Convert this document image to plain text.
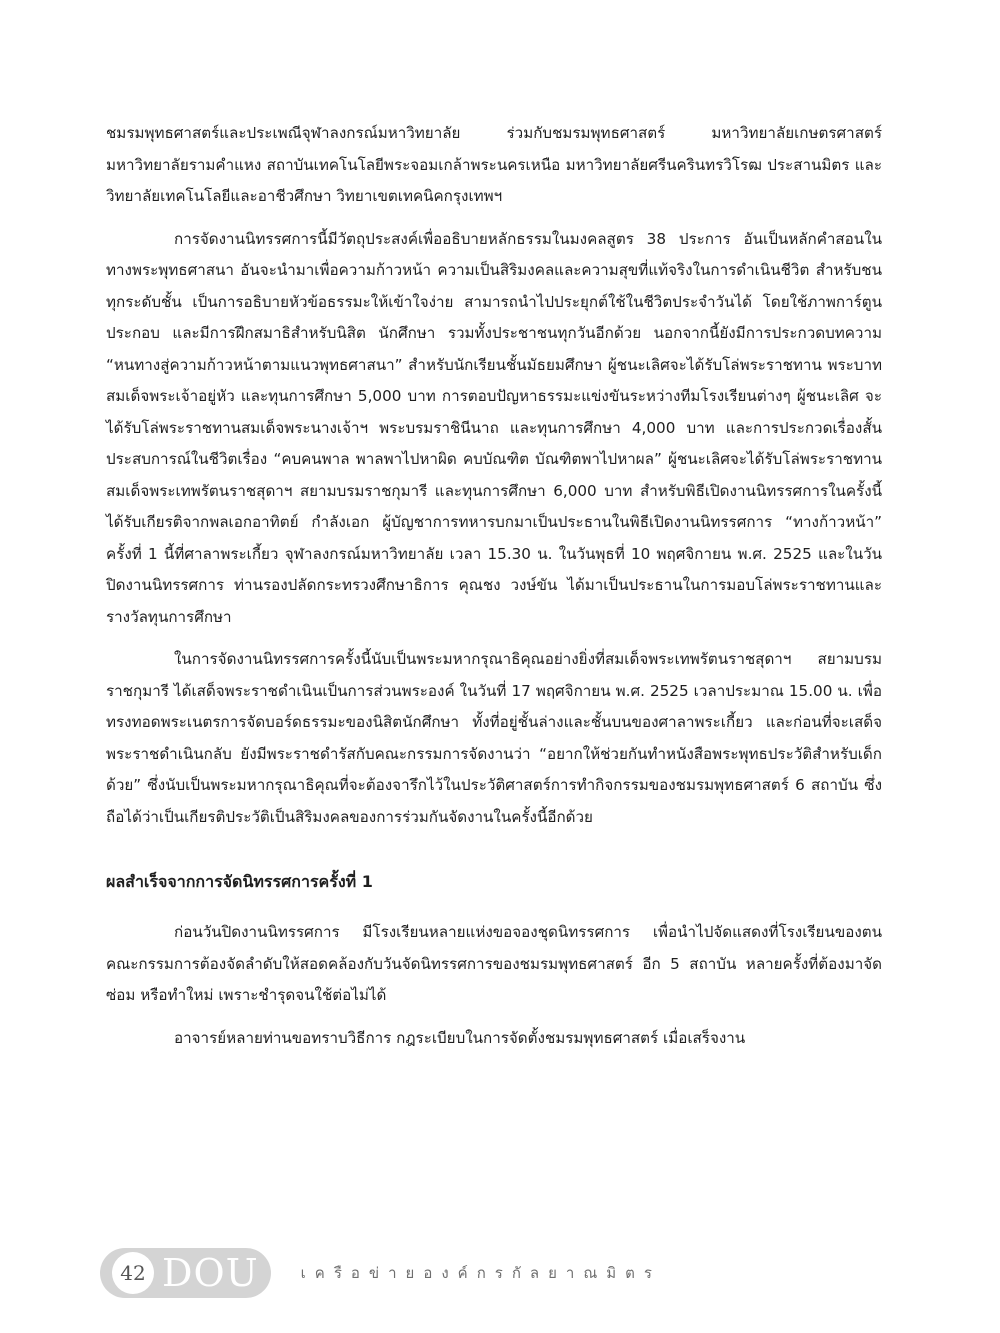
ชมรมพุทธศาสตร์และประเพณีจุฬาลงกรณ์มหาวิทยาลัย ร่วมกับชมรมพุทธศาสตร์ มหาวิทยาลัยเกษตรศาสตร์ มหาวิทยาลัยรามคำแหง สถาบันเทคโนโลยีพระจอมเกล้าพระนครเหนือ มหาวิทยาลัยศรีนครินทรวิโรฒ ประสานมิตร และวิทยาลัยเทคโนโลยีและอาชีวศึกษา วิทยาเขตเทคนิคกรุงเทพฯ

การจัดงานนิทรรศการนี้มีวัตถุประสงค์เพื่ออธิบายหลักธรรมในมงคลสูตร 38 ประการ อันเป็นหลักคำสอนในทางพระพุทธศาสนา อันจะนำมาเพื่อความก้าวหน้า ความเป็นสิริมงคลและความสุขที่แท้จริงในการดำเนินชีวิต สำหรับชนทุกระดับชั้น เป็นการอธิบายหัวข้อธรรมะให้เข้าใจง่าย สามารถนำไปประยุกต์ใช้ในชีวิตประจำวันได้ โดยใช้ภาพการ์ตูนประกอบ และมีการฝึกสมาธิสำหรับนิสิต นักศึกษา รวมทั้งประชาชนทุกวันอีกด้วย นอกจากนี้ยังมีการประกวดบทความ “หนทางสู่ความก้าวหน้าตามแนวพุทธศาสนา” สำหรับนักเรียนชั้นมัธยมศึกษา ผู้ชนะเลิศจะได้รับโล่พระราชทาน พระบาทสมเด็จพระเจ้าอยู่หัว และทุนการศึกษา 5,000 บาท การตอบปัญหาธรรมะแข่งขันระหว่างทีมโรงเรียนต่างๆ ผู้ชนะเลิศ จะได้รับโล่พระราชทานสมเด็จพระนางเจ้าฯ พระบรมราชินีนาถ และทุนการศึกษา 4,000 บาท และการประกวดเรื่องสั้น ประสบการณ์ในชีวิตเรื่อง “คบคนพาล พาลพาไปหาผิด คบบัณฑิต บัณฑิตพาไปหาผล” ผู้ชนะเลิศจะได้รับโล่พระราชทานสมเด็จพระเทพรัตนราชสุดาฯ สยามบรมราชกุมารี และทุนการศึกษา 6,000 บาท สำหรับพิธีเปิดงานนิทรรศการในครั้งนี้ได้รับเกียรติจากพลเอกอาทิตย์ กำลังเอก ผู้บัญชาการทหารบกมาเป็นประธานในพิธีเปิดงานนิทรรศการ “ทางก้าวหน้า” ครั้งที่ 1 นี้ที่ศาลาพระเกี้ยว จุฬาลงกรณ์มหาวิทยาลัย เวลา 15.30 น. ในวันพุธที่ 10 พฤศจิกายน พ.ศ. 2525 และในวันปิดงานนิทรรศการ ท่านรองปลัดกระทรวงศึกษาธิการ คุณชง วงษ์ขัน ได้มาเป็นประธานในการมอบโล่พระราชทานและรางวัลทุนการศึกษา

ในการจัดงานนิทรรศการครั้งนี้นับเป็นพระมหากรุณาธิคุณอย่างยิ่งที่สมเด็จพระเทพรัตนราชสุดาฯ สยามบรมราชกุมารี ได้เสด็จพระราชดำเนินเป็นการส่วนพระองค์ ในวันที่ 17 พฤศจิกายน พ.ศ. 2525 เวลาประมาณ 15.00 น. เพื่อทรงทอดพระเนตรการจัดบอร์ดธรรมะของนิสิตนักศึกษา ทั้งที่อยู่ชั้นล่างและชั้นบนของศาลาพระเกี้ยว และก่อนที่จะเสด็จพระราชดำเนินกลับ ยังมีพระราชดำรัสกับคณะกรรมการจัดงานว่า “อยากให้ช่วยกันทำหนังสือพระพุทธประวัติสำหรับเด็กด้วย” ซึ่งนับเป็นพระมหากรุณาธิคุณที่จะต้องจารึกไว้ในประวัติศาสตร์การทำกิจกรรมของชมรมพุทธศาสตร์ 6 สถาบัน ซึ่งถือได้ว่าเป็นเกียรติประวัติเป็นสิริมงคลของการร่วมกันจัดงานในครั้งนี้อีกด้วย

ผลสำเร็จจากการจัดนิทรรศการครั้งที่ 1

ก่อนวันปิดงานนิทรรศการ มีโรงเรียนหลายแห่งขอจองชุดนิทรรศการ เพื่อนำไปจัดแสดงที่โรงเรียนของตน คณะกรรมการต้องจัดลำดับให้สอดคล้องกับวันจัดนิทรรศการของชมรมพุทธศาสตร์ อีก 5 สถาบัน หลายครั้งที่ต้องมาจัดซ่อม หรือทำใหม่ เพราะชำรุดจนใช้ต่อไม่ได้

อาจารย์หลายท่านขอทราบวิธีการ กฎระเบียบในการจัดตั้งชมรมพุทธศาสตร์ เมื่อเสร็จงาน

42 DOU	เครือข่ายองค์กรกัลยาณมิตร
